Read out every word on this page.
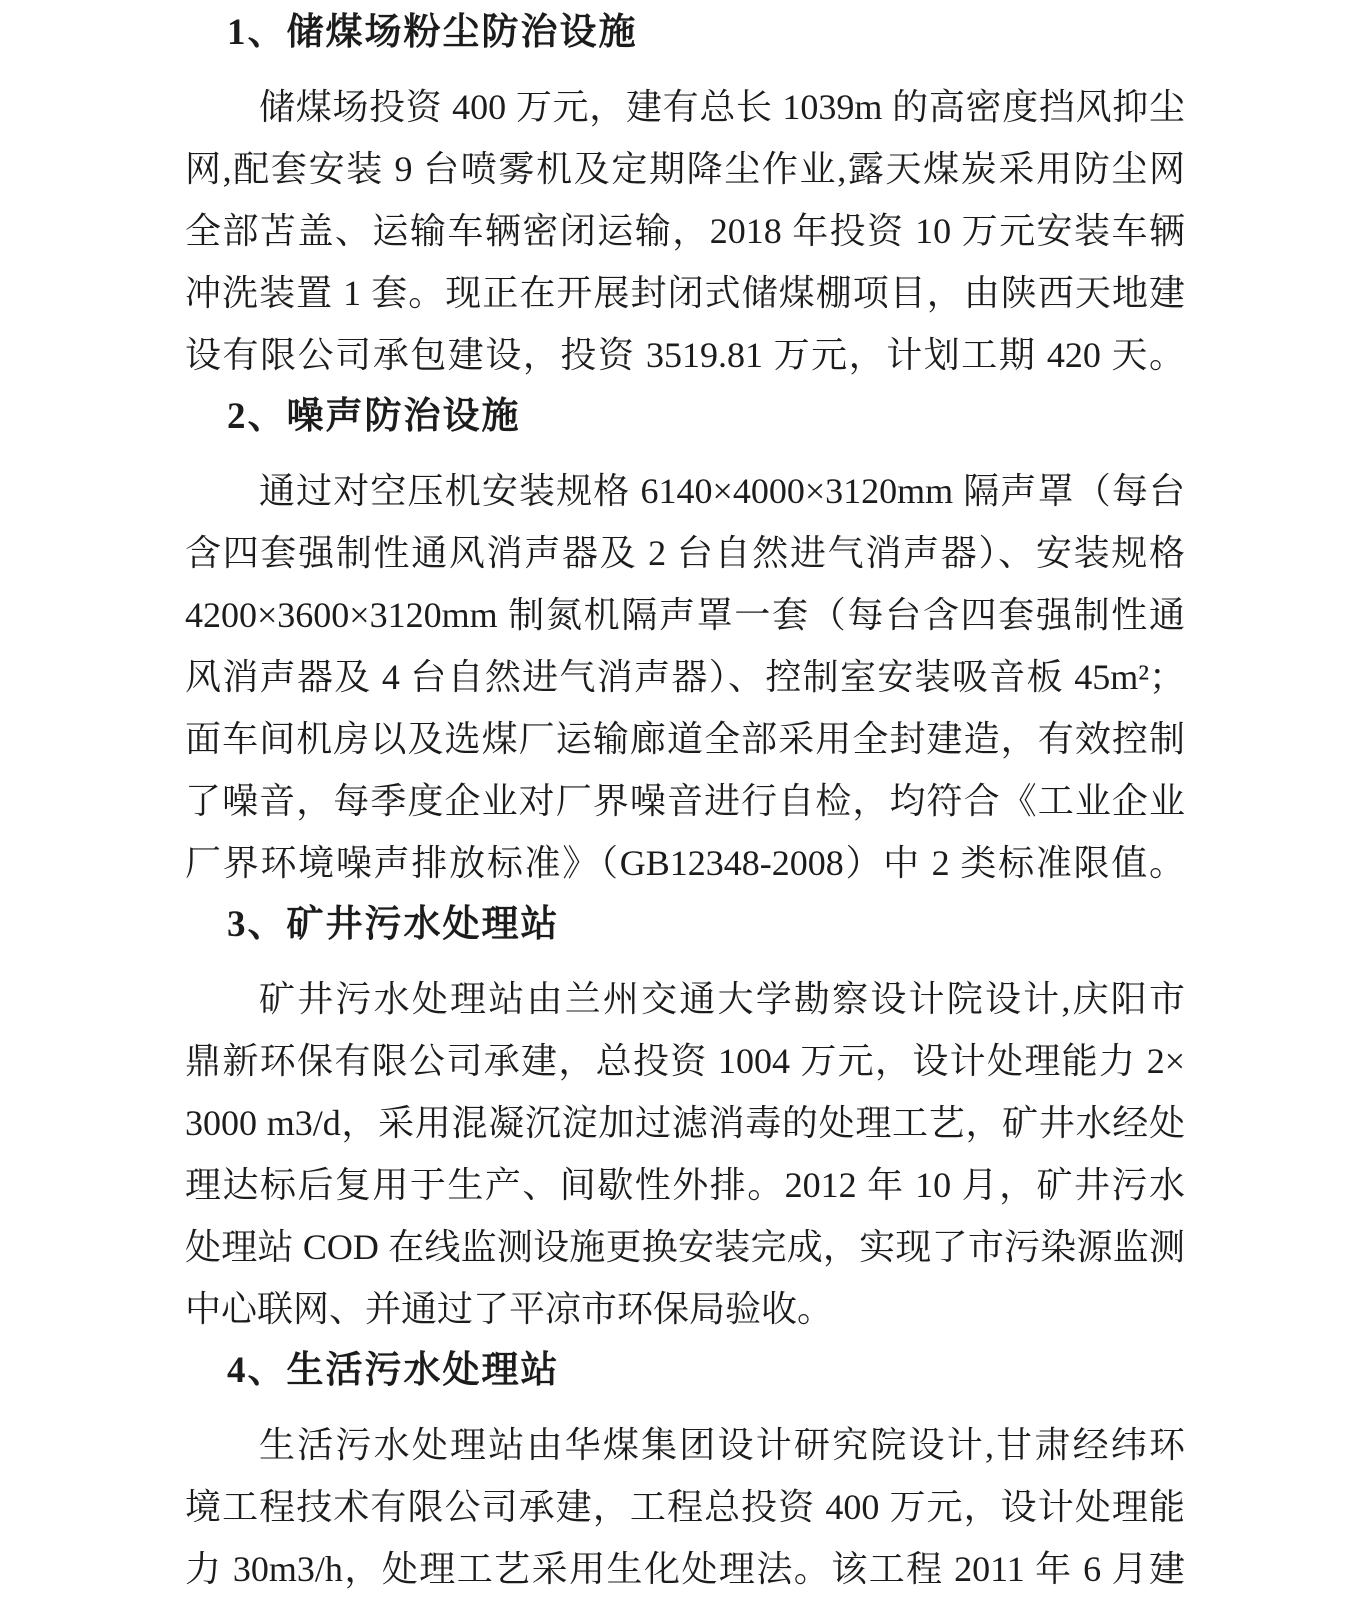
1、储煤场粉尘防治设施
储煤场投资 400 万元，建有总长 1039m 的高密度挡风抑尘
网,配套安装 9 台喷雾机及定期降尘作业,露天煤炭采用防尘网
全部苫盖、运输车辆密闭运输，2018 年投资 10 万元安装车辆
冲洗装置 1 套。现正在开展封闭式储煤棚项目，由陕西天地建
设有限公司承包建设，投资 3519.81 万元，计划工期 420 天。
2、噪声防治设施
通过对空压机安装规格 6140×4000×3120mm 隔声罩（每台
含四套强制性通风消声器及 2 台自然进气消声器）、安装规格
4200×3600×3120mm 制氮机隔声罩一套（每台含四套强制性通
风消声器及 4 台自然进气消声器）、控制室安装吸音板 45m²；
面车间机房以及选煤厂运输廊道全部采用全封建造，有效控制
了噪音，每季度企业对厂界噪音进行自检，均符合《工业企业
厂界环境噪声排放标准》（GB12348-2008）中 2 类标准限值。
3、矿井污水处理站
矿井污水处理站由兰州交通大学勘察设计院设计,庆阳市
鼎新环保有限公司承建，总投资 1004 万元，设计处理能力 2×
3000 m3/d，采用混凝沉淀加过滤消毒的处理工艺，矿井水经处
理达标后复用于生产、间歇性外排。2012 年 10 月，矿井污水
处理站 COD 在线监测设施更换安装完成，实现了市污染源监测
中心联网、并通过了平凉市环保局验收。
4、生活污水处理站
生活污水处理站由华煤集团设计研究院设计,甘肃经纬环
境工程技术有限公司承建，工程总投资 400 万元，设计处理能
力 30m3/h，处理工艺采用生化处理法。该工程 2011 年 6 月建
